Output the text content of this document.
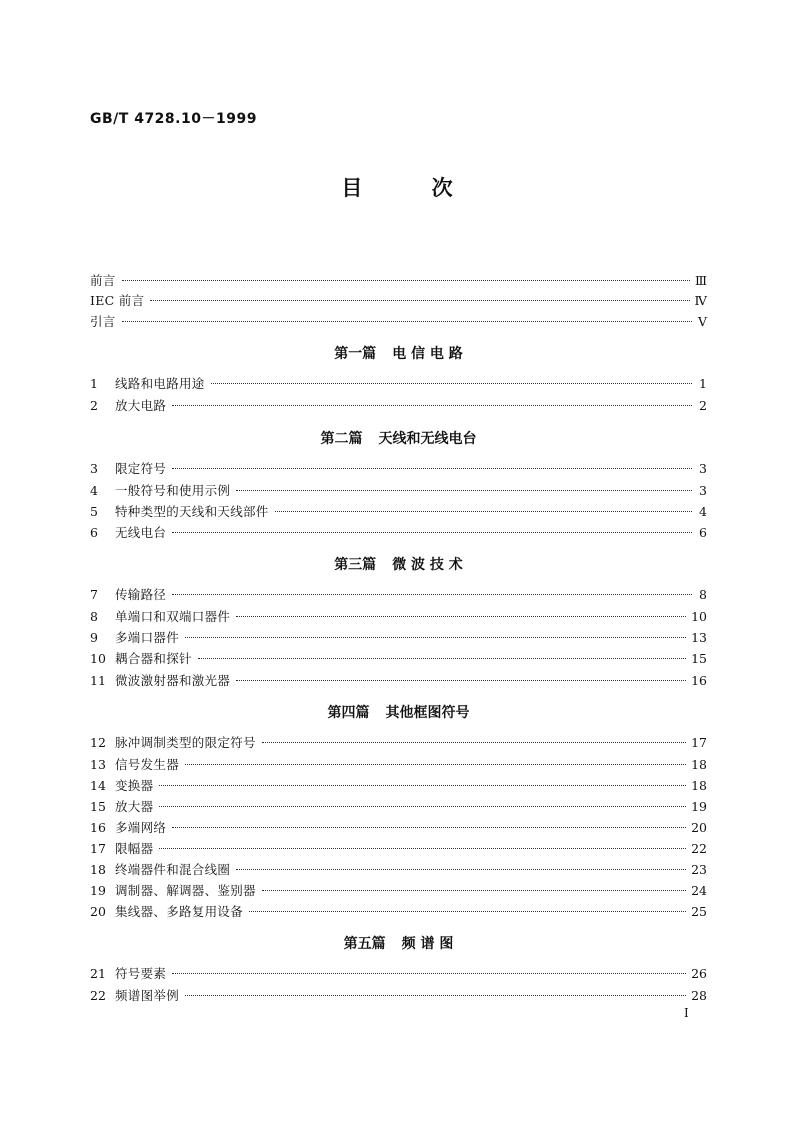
GB/T 4728.10－1999
目 次
前言	Ⅲ
IEC 前言	Ⅳ
引言	Ⅴ
第一篇 电 信 电 路
1	线路和电路用途	1
2	放大电路	2
第二篇 天线和无线电台
3	限定符号	3
4	一般符号和使用示例	3
5	特种类型的天线和天线部件	4
6	无线电台	6
第三篇 微 波 技 术
7	传输路径	8
8	单端口和双端口器件	10
9	多端口器件	13
10 耦合器和探针	15
11 微波激射器和激光器	16
第四篇 其他框图符号
12 脉冲调制类型的限定符号	17
13 信号发生器	18
14 变换器	18
15 放大器	19
16 多端网络	20
17 限幅器	22
18 终端器件和混合线圈	23
19 调制器、解调器、鉴别器	24
20 集线器、多路复用设备	25
第五篇 频 谱 图
21 符号要素	26
22 频谱图举例	28
Ⅰ
